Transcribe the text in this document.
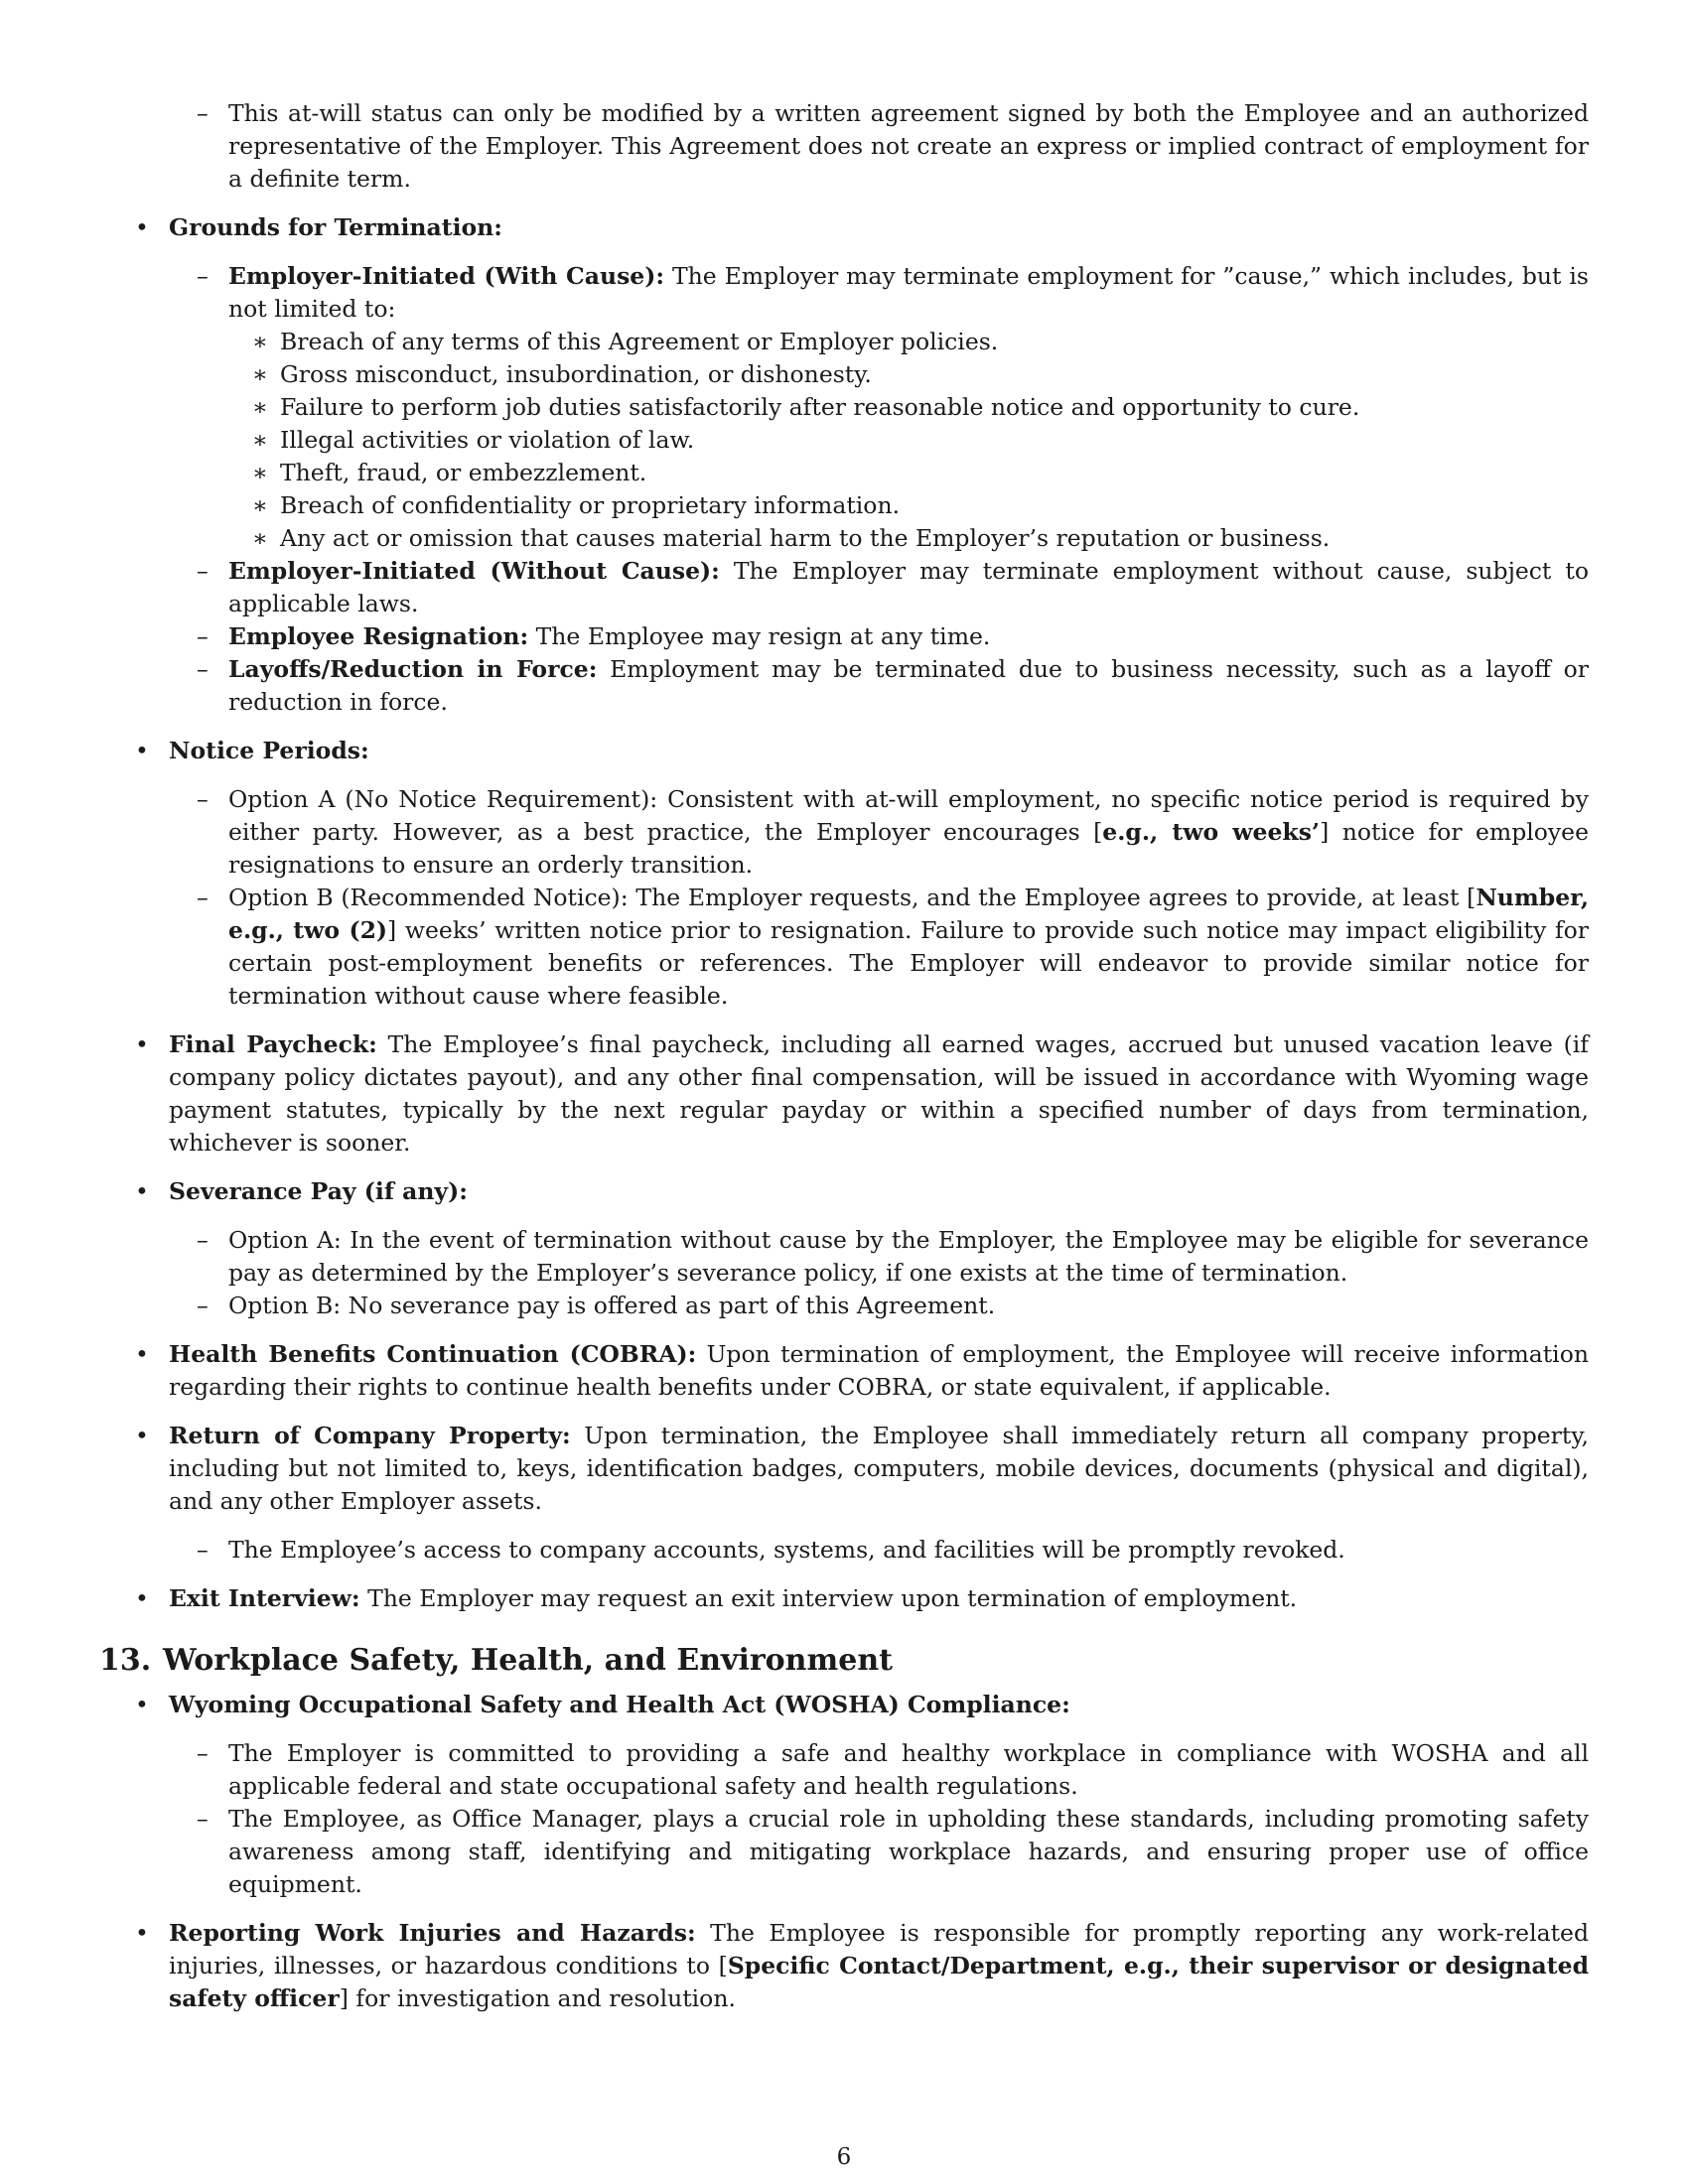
– This at-will status can only be modified by a written agreement signed by both the Employee and an authorized representative of the Employer. This Agreement does not create an express or implied contract of employment for a definite term.

• Grounds for Termination:

– Employer-Initiated (With Cause): The Employer may terminate employment for ”cause,” which includes, but is not limited to:

∗ Breach of any terms of this Agreement or Employer policies.

∗ Gross misconduct, insubordination, or dishonesty.

∗ Failure to perform job duties satisfactorily after reasonable notice and opportunity to cure.

∗ Illegal activities or violation of law.

∗ Theft, fraud, or embezzlement.

∗ Breach of confidentiality or proprietary information.

∗ Any act or omission that causes material harm to the Employer’s reputation or business.

– Employer-Initiated (Without Cause): The Employer may terminate employment without cause, subject to applicable laws.

– Employee Resignation: The Employee may resign at any time.

– Layoffs/Reduction in Force: Employment may be terminated due to business necessity, such as a layoff or reduction in force.

• Notice Periods:

– Option A (No Notice Requirement): Consistent with at-will employment, no specific notice period is required by either party. However, as a best practice, the Employer encourages [e.g., two weeks’] notice for employee resignations to ensure an orderly transition.

– Option B (Recommended Notice): The Employer requests, and the Employee agrees to provide, at least [Number, e.g., two (2)] weeks’ written notice prior to resignation. Failure to provide such notice may impact eligibility for certain post-employment benefits or references. The Employer will endeavor to provide similar notice for termination without cause where feasible.

• Final Paycheck: The Employee’s final paycheck, including all earned wages, accrued but unused vacation leave (if company policy dictates payout), and any other final compensation, will be issued in accordance with Wyoming wage payment statutes, typically by the next regular payday or within a specified number of days from termination, whichever is sooner.

• Severance Pay (if any):

– Option A: In the event of termination without cause by the Employer, the Employee may be eligible for severance pay as determined by the Employer’s severance policy, if one exists at the time of termination.

– Option B: No severance pay is offered as part of this Agreement.

• Health Benefits Continuation (COBRA): Upon termination of employment, the Employee will receive information regarding their rights to continue health benefits under COBRA, or state equivalent, if applicable.

• Return of Company Property: Upon termination, the Employee shall immediately return all company property, including but not limited to, keys, identification badges, computers, mobile devices, documents (physical and digital), and any other Employer assets.

– The Employee’s access to company accounts, systems, and facilities will be promptly revoked.

• Exit Interview: The Employer may request an exit interview upon termination of employment.

13. Workplace Safety, Health, and Environment

• Wyoming Occupational Safety and Health Act (WOSHA) Compliance:

– The Employer is committed to providing a safe and healthy workplace in compliance with WOSHA and all applicable federal and state occupational safety and health regulations.

– The Employee, as Office Manager, plays a crucial role in upholding these standards, including promoting safety awareness among staff, identifying and mitigating workplace hazards, and ensuring proper use of office equipment.

• Reporting Work Injuries and Hazards: The Employee is responsible for promptly reporting any work-related injuries, illnesses, or hazardous conditions to [Specific Contact/Department, e.g., their supervisor or designated safety officer] for investigation and resolution.

6
